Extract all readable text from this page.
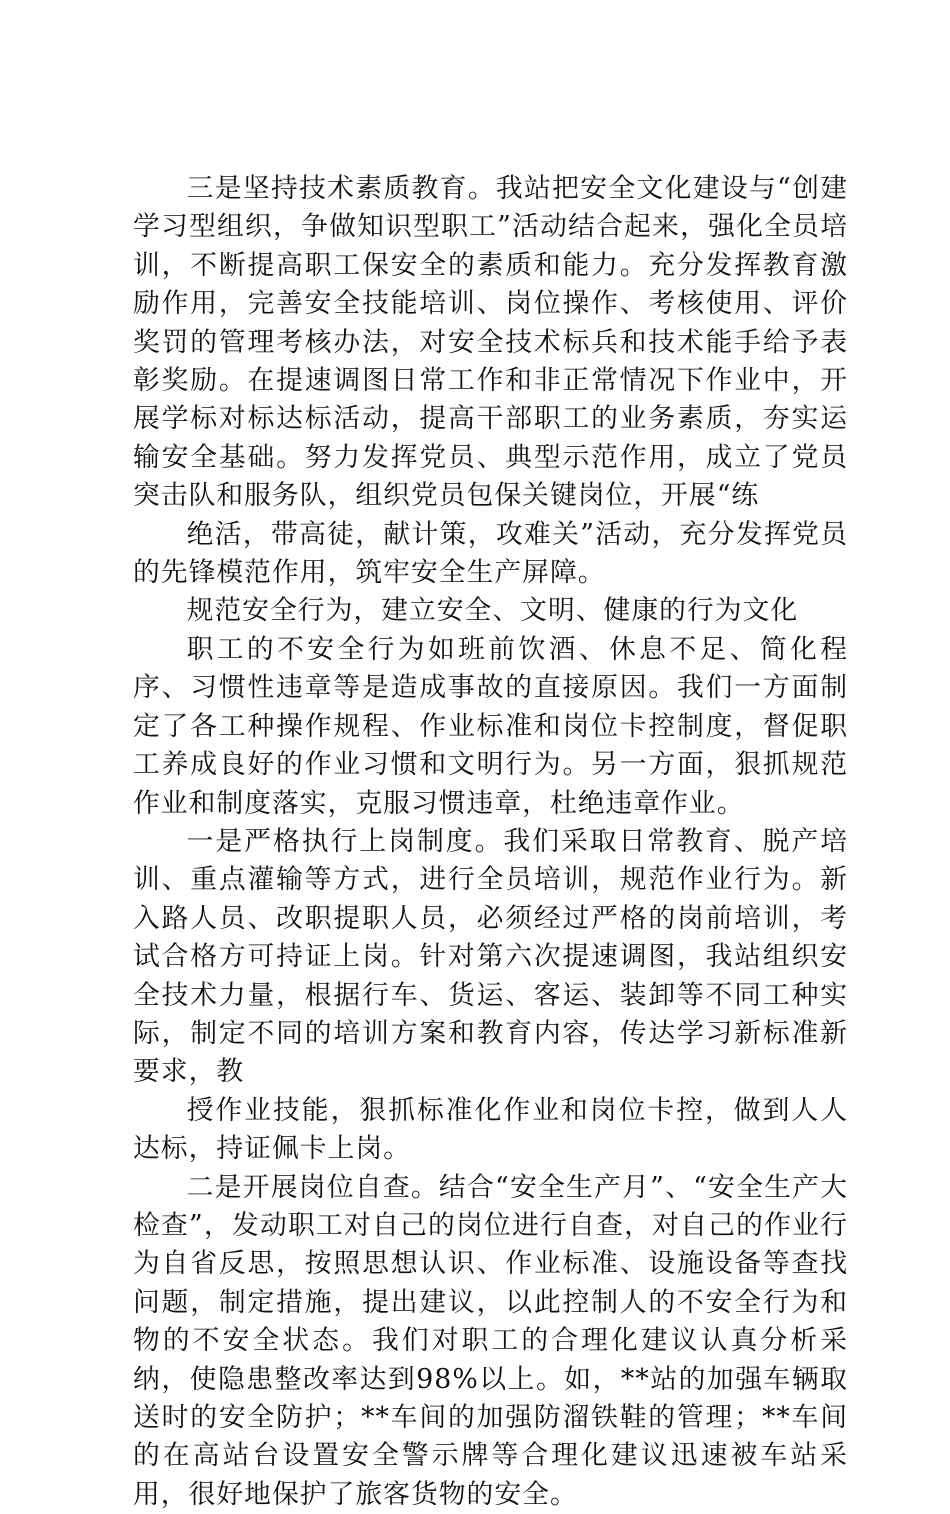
三是坚持技术素质教育。我站把安全文化建设与“创建学习型组织，争做知识型职工”活动结合起来，强化全员培训，不断提高职工保安全的素质和能力。充分发挥教育激励作用，完善安全技能培训、岗位操作、考核使用、评价奖罚的管理考核办法，对安全技术标兵和技术能手给予表彰奖励。在提速调图日常工作和非正常情况下作业中，开展学标对标达标活动，提高干部职工的业务素质，夯实运输安全基础。努力发挥党员、典型示范作用，成立了党员突击队和服务队，组织党员包保关键岗位，开展“练

绝活，带高徒，献计策，攻难关”活动，充分发挥党员的先锋模范作用，筑牢安全生产屏障。

规范安全行为，建立安全、文明、健康的行为文化

职工的不安全行为如班前饮酒、休息不足、简化程序、习惯性违章等是造成事故的直接原因。我们一方面制定了各工种操作规程、作业标准和岗位卡控制度，督促职工养成良好的作业习惯和文明行为。另一方面，狠抓规范作业和制度落实，克服习惯违章，杜绝违章作业。

一是严格执行上岗制度。我们采取日常教育、脱产培训、重点灌输等方式，进行全员培训，规范作业行为。新入路人员、改职提职人员，必须经过严格的岗前培训，考试合格方可持证上岗。针对第六次提速调图，我站组织安全技术力量，根据行车、货运、客运、装卸等不同工种实际，制定不同的培训方案和教育内容，传达学习新标准新要求，教

授作业技能，狠抓标准化作业和岗位卡控，做到人人达标，持证佩卡上岗。

二是开展岗位自查。结合“安全生产月”、“安全生产大检查”，发动职工对自己的岗位进行自查，对自己的作业行为自省反思，按照思想认识、作业标准、设施设备等查找问题，制定措施，提出建议，以此控制人的不安全行为和物的不安全状态。我们对职工的合理化建议认真分析采纳，使隐患整改率达到98%以上。如，**站的加强车辆取送时的安全防护；**车间的加强防溜铁鞋的管理；**车间的在高站台设置安全警示牌等合理化建议迅速被车站采用，很好地保护了旅客货物的安全。
